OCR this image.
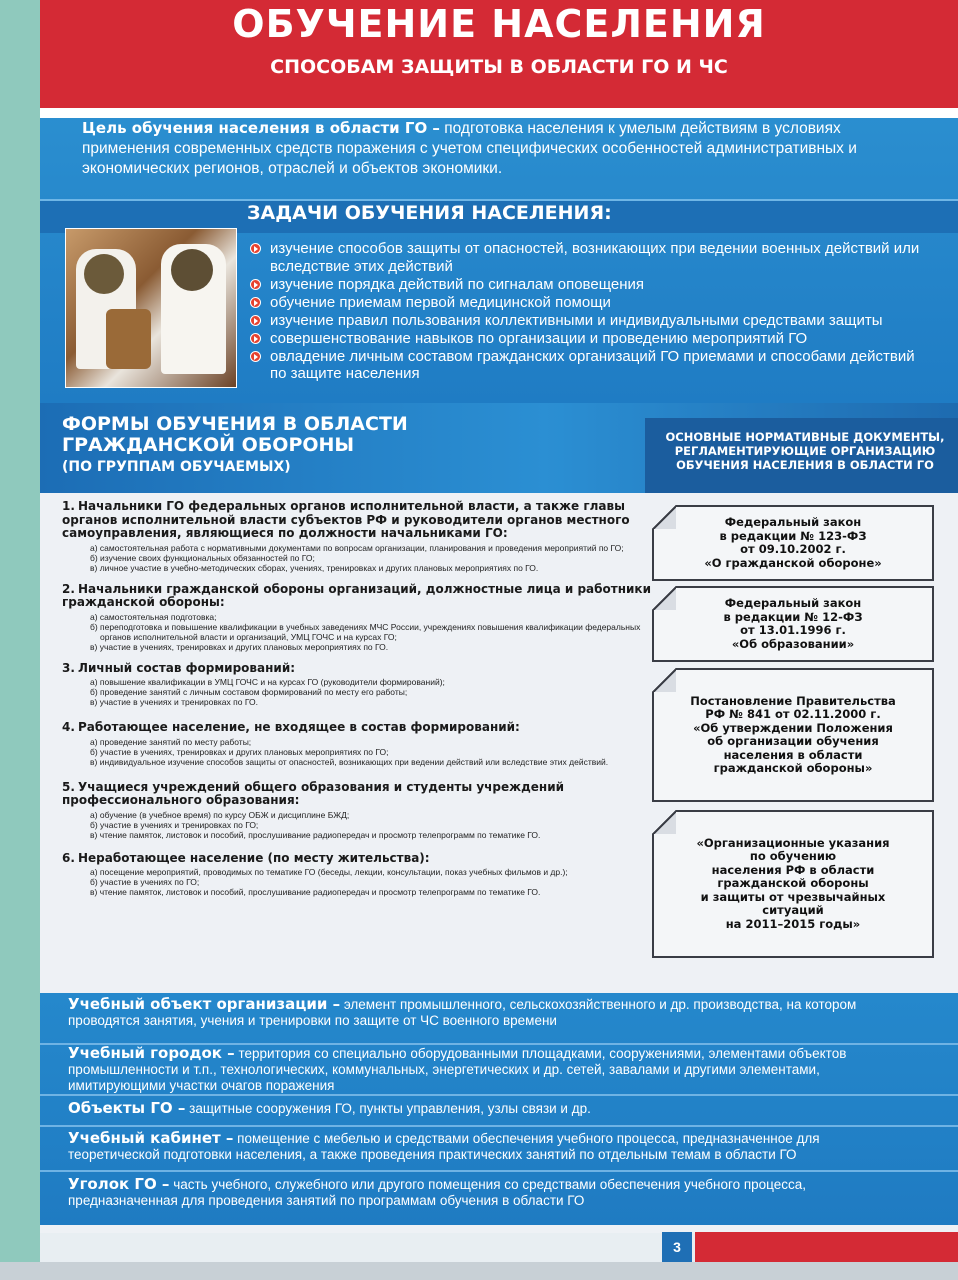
ОБУЧЕНИЕ НАСЕЛЕНИЯ
СПОСОБАМ ЗАЩИТЫ В ОБЛАСТИ ГО И ЧС
Цель обучения населения в области ГО – подготовка населения к умелым действиям в условиях применения современных средств поражения с учетом специфических особенностей административных и экономических регионов, отраслей и объектов экономики.
ЗАДАЧИ ОБУЧЕНИЯ НАСЕЛЕНИЯ:
изучение способов защиты от опасностей, возникающих при ведении военных действий или вследствие этих действий
изучение порядка действий по сигналам оповещения
обучение приемам первой медицинской помощи
изучение правил пользования коллективными и индивидуальными средствами защиты
совершенствование навыков по организации и проведению мероприятий ГО
овладение личным составом гражданских организаций ГО приемами и способами действий по защите населения
ФОРМЫ ОБУЧЕНИЯ В ОБЛАСТИ
ГРАЖДАНСКОЙ ОБОРОНЫ
(ПО ГРУППАМ ОБУЧАЕМЫХ)
ОСНОВНЫЕ НОРМАТИВНЫЕ ДОКУМЕНТЫ, РЕГЛАМЕНТИРУЮЩИЕ ОРГАНИЗАЦИЮ ОБУЧЕНИЯ НАСЕЛЕНИЯ В ОБЛАСТИ ГО
1.Начальники ГО федеральных органов исполнительной власти, а также главы органов исполнительной власти субъектов РФ и руководители органов местного самоуправления, являющиеся по должности начальниками ГО:
а) самостоятельная работа с нормативными документами по вопросам организации, планирования и проведения мероприятий по ГО;
б) изучение своих функциональных обязанностей по ГО;
в) личное участие в учебно-методических сборах, учениях, тренировках и других плановых мероприятиях по ГО.
2.Начальники гражданской обороны организаций, должностные лица и работники гражданской обороны:
а) самостоятельная подготовка;
б) переподготовка и повышение квалификации в учебных заведениях МЧС России, учреждениях повышения квалификации федеральных органов исполнительной власти и организаций, УМЦ ГОЧС и на курсах ГО;
в) участие в учениях, тренировках и других плановых мероприятиях по ГО.
3.Личный состав формирований:
а) повышение квалификации в УМЦ ГОЧС и на курсах ГО (руководители формирований);
б) проведение занятий с личным составом формирований по месту его работы;
в) участие в учениях и тренировках по ГО.
4.Работающее население, не входящее в состав формирований:
а) проведение занятий по месту работы;
б) участие в учениях, тренировках и других плановых мероприятиях по ГО;
в) индивидуальное изучение способов защиты от опасностей, возникающих при ведении действий или вследствие этих действий.
5.Учащиеся учреждений общего образования и студенты учреждений профессионального образования:
а) обучение (в учебное время) по курсу ОБЖ и дисциплине БЖД;
б) участие в учениях и тренировках по ГО;
в) чтение памяток, листовок и пособий, прослушивание радиопередач и просмотр телепрограмм по тематике ГО.
6.Неработающее население (по месту жительства):
а) посещение мероприятий, проводимых по тематике ГО (беседы, лекции, консультации, показ учебных фильмов и др.);
б) участие в учениях по ГО;
в) чтение памяток, листовок и пособий, прослушивание радиопередач и просмотр телепрограмм по тематике ГО.
Федеральный закон
в редакции № 123-ФЗ
от 09.10.2002 г.
«О гражданской обороне»
Федеральный закон
в редакции № 12-ФЗ
от 13.01.1996 г.
«Об образовании»
Постановление Правительства
РФ № 841 от 02.11.2000 г.
«Об утверждении Положения
об организации обучения
населения в области
гражданской обороны»
«Организационные указания
по обучению
населения РФ в области
гражданской обороны
и защиты от чрезвычайных
ситуаций
на 2011–2015 годы»
3
Учебный объект организации – элемент промышленного, сельскохозяйственного и др. производства, на котором проводятся занятия, учения и тренировки по защите от ЧС военного времени
Учебный городок – территория со специально оборудованными площадками, сооружениями, элементами объектов промышленности и т.п., технологических, коммунальных, энергетических и др. сетей, завалами и другими элементами, имитирующими участки очагов поражения
Объекты ГО – защитные сооружения ГО, пункты управления, узлы связи и др.
Учебный кабинет – помещение с мебелью и средствами обеспечения учебного процесса, предназначенное для теоретической подготовки населения, а также проведения практических занятий по отдельным темам в области ГО
Уголок ГО – часть учебного, служебного или другого помещения со средствами обеспечения учебного процесса, предназначенная для проведения занятий по программам обучения в области ГО
